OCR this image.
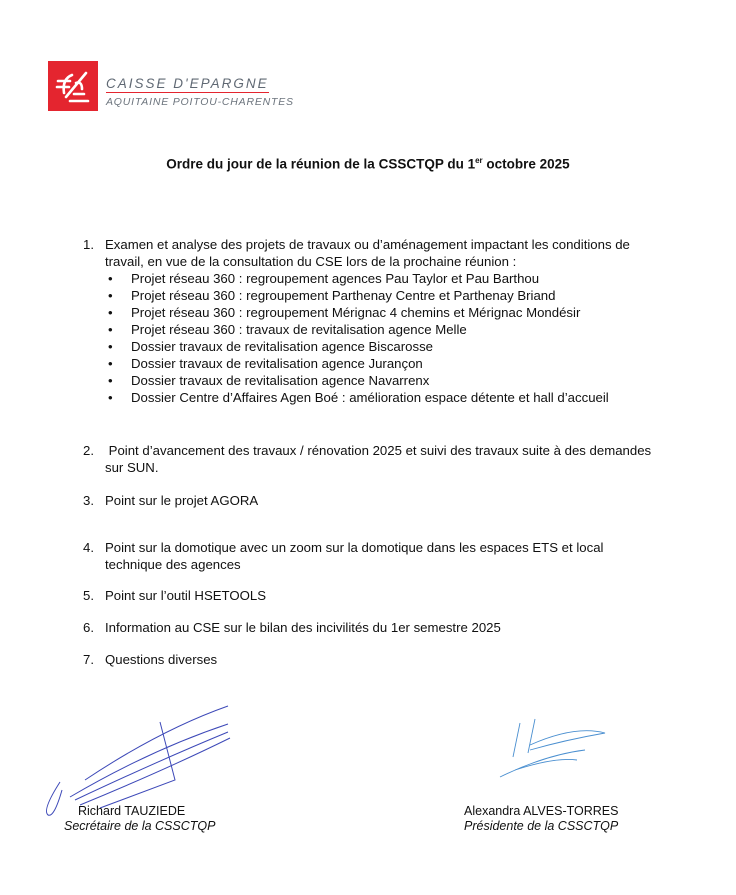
CAISSE D'EPARGNE
AQUITAINE POITOU-CHARENTES
Ordre du jour de la réunion de la CSSCTQP du 1er octobre 2025
1. Examen et analyse des projets de travaux ou d’aménagement impactant les conditions de
travail, en vue de la consultation du CSE lors de la prochaine réunion :
•	Projet réseau 360 : regroupement agences Pau Taylor et Pau Barthou
•	Projet réseau 360 : regroupement Parthenay Centre et Parthenay Briand
•	Projet réseau 360 : regroupement Mérignac 4 chemins et Mérignac Mondésir
•	Projet réseau 360 : travaux de revitalisation agence Melle
•	Dossier travaux de revitalisation agence Biscarosse
•	Dossier travaux de revitalisation agence Jurançon
•	Dossier travaux de revitalisation agence Navarrenx
•	Dossier Centre d’Affaires Agen Boé : amélioration espace détente et hall d’accueil
2. Point d’avancement des travaux / rénovation 2025 et suivi des travaux suite à des demandes
sur SUN.
3. Point sur le projet AGORA
4. Point sur la domotique avec un zoom sur la domotique dans les espaces ETS et local
technique des agences
5. Point sur l’outil HSETOOLS
6. Information au CSE sur le bilan des incivilités du 1er semestre 2025
7. Questions diverses
Richard TAUZIEDE
Secrétaire de la CSSCTQP
Alexandra ALVES-TORRES
Présidente de la CSSCTQP
